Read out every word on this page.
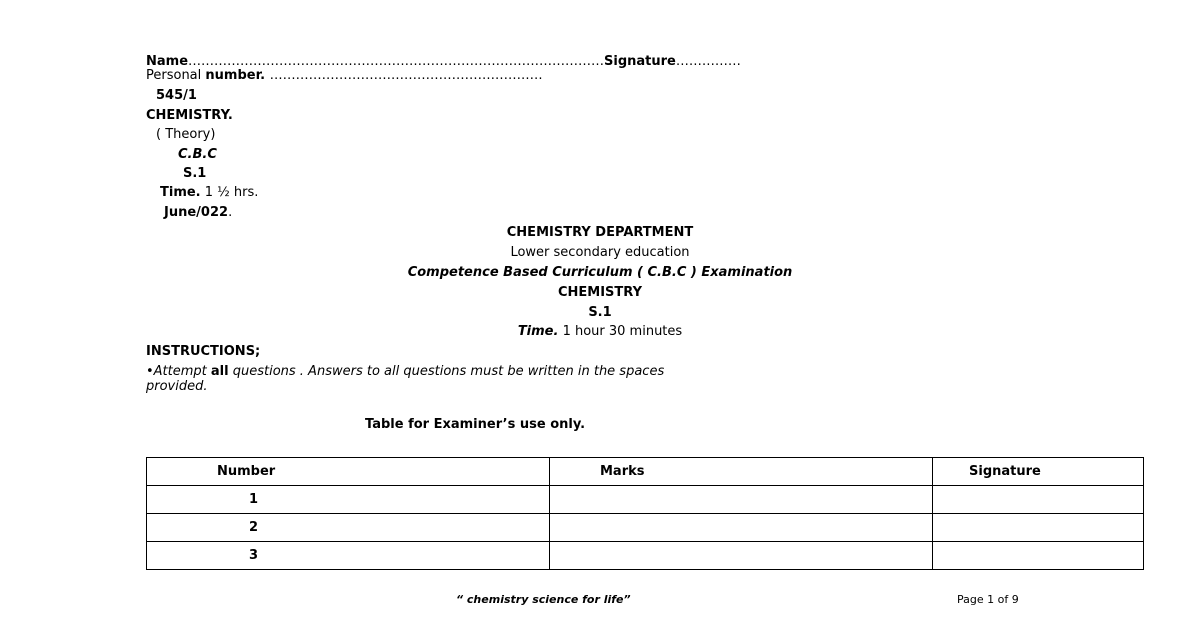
Name……………………………………………………………………………………Signature……………
Personal number. ………………………………………………………
545/1
CHEMISTRY.
( Theory)
C.B.C
S.1
Time. 1 ½ hrs.
June/022.
CHEMISTRY DEPARTMENT
Lower secondary education
Competence Based Curriculum ( C.B.C ) Examination
CHEMISTRY
S.1
Time. 1 hour 30 minutes
INSTRUCTIONS;
•Attempt all questions . Answers to all questions must be written in the spaces
provided.
Table for Examiner’s use only.
Number	Marks	Signature
1		
2		
3		
“ chemistry science for life”	Page 1 of 9
